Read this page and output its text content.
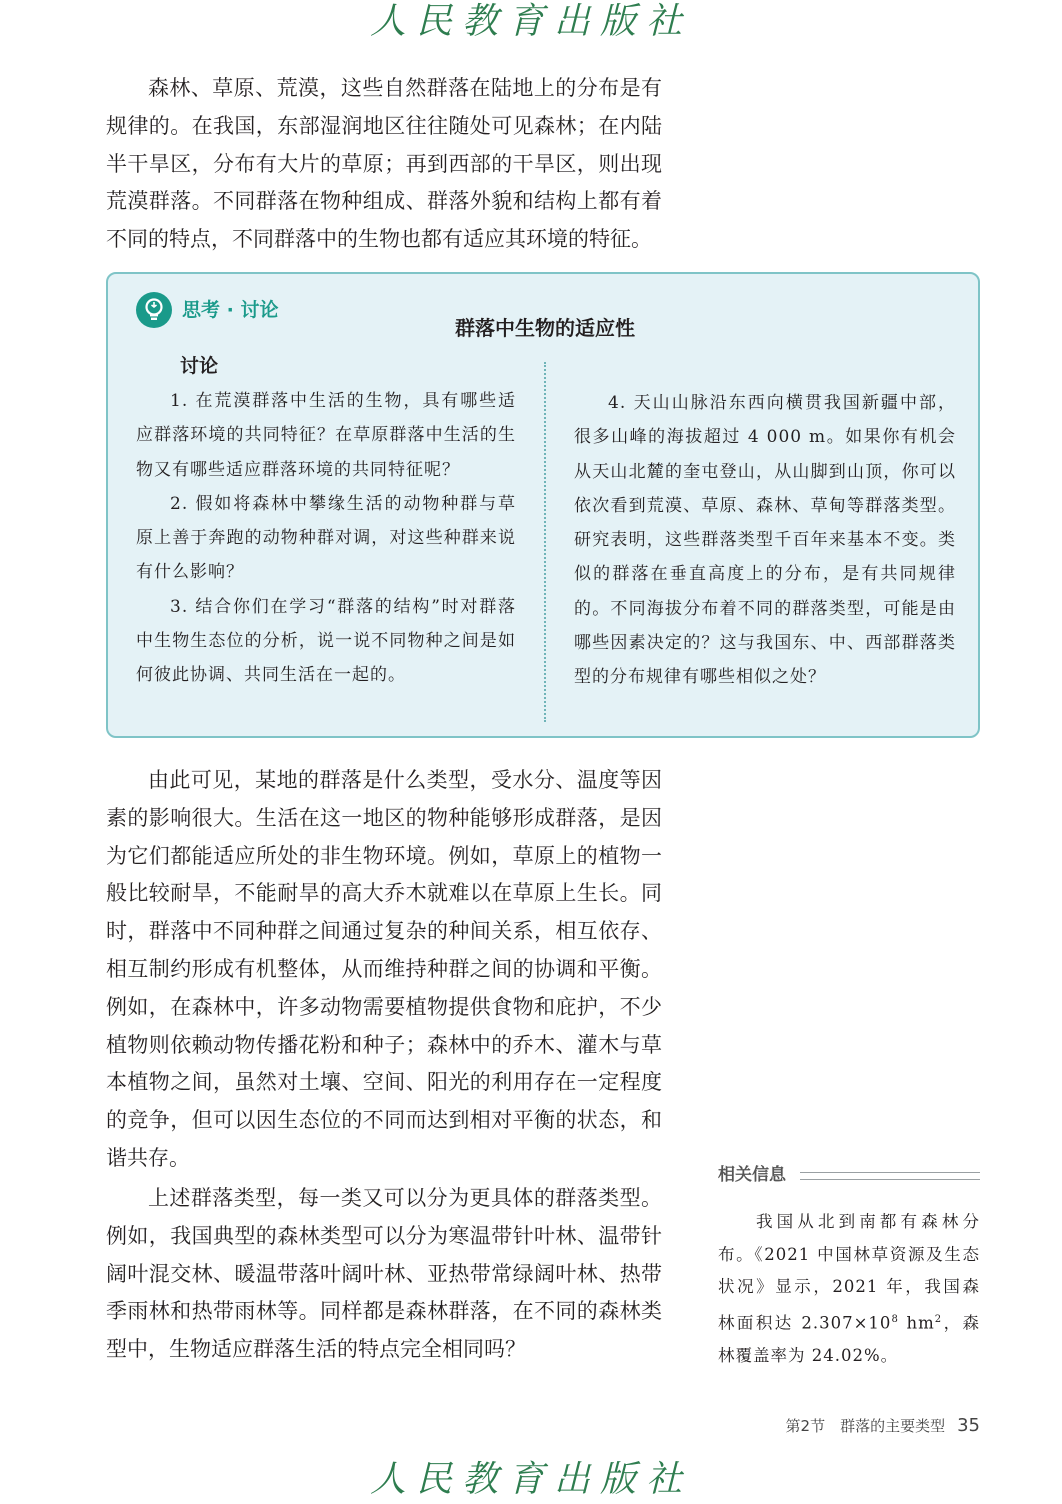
人民教育出版社

森林、草原、荒漠，这些自然群落在陆地上的分布是有规律的。在我国，东部湿润地区往往随处可见森林；在内陆半干旱区，分布有大片的草原；再到西部的干旱区，则出现荒漠群落。不同群落在物种组成、群落外貌和结构上都有着不同的特点，不同群落中的生物也都有适应其环境的特征。

思考 · 讨论
群落中生物的适应性
讨论

1. 在荒漠群落中生活的生物，具有哪些适应群落环境的共同特征？在草原群落中生活的生物又有哪些适应群落环境的共同特征呢？

2. 假如将森林中攀缘生活的动物种群与草原上善于奔跑的动物种群对调，对这些种群来说有什么影响？

3. 结合你们在学习“群落的结构”时对群落中生物生态位的分析，说一说不同物种之间是如何彼此协调、共同生活在一起的。

4. 天山山脉沿东西向横贯我国新疆中部，很多山峰的海拔超过 4 000 m。如果你有机会从天山北麓的奎屯登山，从山脚到山顶，你可以依次看到荒漠、草原、森林、草甸等群落类型。研究表明，这些群落类型千百年来基本不变。类似的群落在垂直高度上的分布，是有共同规律的。不同海拔分布着不同的群落类型，可能是由哪些因素决定的？这与我国东、中、西部群落类型的分布规律有哪些相似之处？

由此可见，某地的群落是什么类型，受水分、温度等因素的影响很大。生活在这一地区的物种能够形成群落，是因为它们都能适应所处的非生物环境。例如，草原上的植物一般比较耐旱，不能耐旱的高大乔木就难以在草原上生长。同时，群落中不同种群之间通过复杂的种间关系，相互依存、相互制约形成有机整体，从而维持种群之间的协调和平衡。例如，在森林中，许多动物需要植物提供食物和庇护，不少植物则依赖动物传播花粉和种子；森林中的乔木、灌木与草本植物之间，虽然对土壤、空间、阳光的利用存在一定程度的竞争，但可以因生态位的不同而达到相对平衡的状态，和谐共存。

上述群落类型，每一类又可以分为更具体的群落类型。例如，我国典型的森林类型可以分为寒温带针叶林、温带针阔叶混交林、暖温带落叶阔叶林、亚热带常绿阔叶林、热带季雨林和热带雨林等。同样都是森林群落，在不同的森林类型中，生物适应群落生活的特点完全相同吗？

相关信息

我国从北到南都有森林分布。《2021 中国林草资源及生态状况》显示，2021 年，我国森林面积达 $2.307\times 10^8$ $hm^2$，森林覆盖率为 24.02%。

第2节　群落的主要类型 35
人民教育出版社
